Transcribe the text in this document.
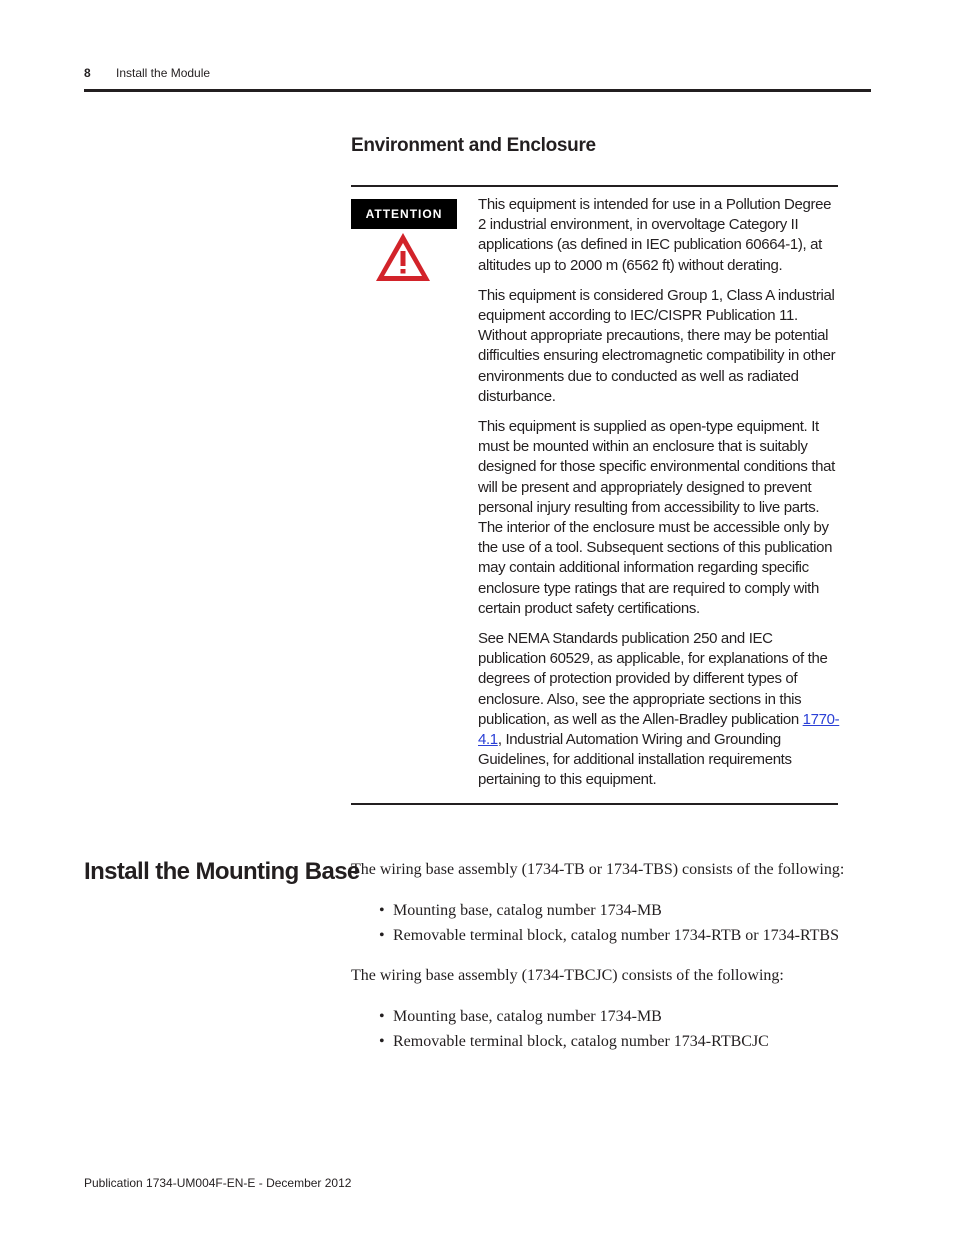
8 Install the Module
Environment and Enclosure
ATTENTION

This equipment is intended for use in a Pollution Degree 2 industrial environment, in overvoltage Category II applications (as defined in IEC publication 60664-1), at altitudes up to 2000 m (6562 ft) without derating.

This equipment is considered Group 1, Class A industrial equipment according to IEC/CISPR Publication 11. Without appropriate precautions, there may be potential difficulties ensuring electromagnetic compatibility in other environments due to conducted as well as radiated disturbance.

This equipment is supplied as open-type equipment. It must be mounted within an enclosure that is suitably designed for those specific environmental conditions that will be present and appropriately designed to prevent personal injury resulting from accessibility to live parts. The interior of the enclosure must be accessible only by the use of a tool. Subsequent sections of this publication may contain additional information regarding specific enclosure type ratings that are required to comply with certain product safety certifications.

See NEMA Standards publication 250 and IEC publication 60529, as applicable, for explanations of the degrees of protection provided by different types of enclosure. Also, see the appropriate sections in this publication, as well as the Allen-Bradley publication 1770-4.1, Industrial Automation Wiring and Grounding Guidelines, for additional installation requirements pertaining to this equipment.

Install the Mounting Base

The wiring base assembly (1734-TB or 1734-TBS) consists of the following:

• Mounting base, catalog number 1734-MB
• Removable terminal block, catalog number 1734-RTB or 1734-RTBS

The wiring base assembly (1734-TBCJC) consists of the following:

• Mounting base, catalog number 1734-MB
• Removable terminal block, catalog number 1734-RTBCJC
Publication 1734-UM004F-EN-E - December 2012
